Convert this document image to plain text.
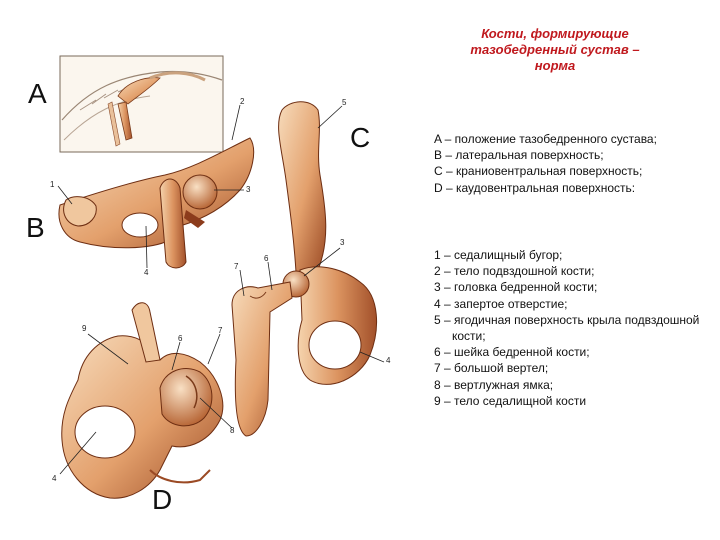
A
B
C
D
1
2
3
4
5
3
7
6
4
9
6
7
8
4
Кости, формирующие
тазобедренный сустав –
норма
A – положение тазобедренного сустава;
B – латеральная поверхность;
C – краниовентральная поверхность;
D – каудовентральная поверхность:
1 – седалищный бугор;
2 – тело подвздошной кости;
3 – головка бедренной кости;
4 – запертое отверстие;
5 – ягодичная поверхность крыла подвздошной кости;
6 – шейка бедренной кости;
7 – большой вертел;
8 – вертлужная ямка;
9 – тело седалищной кости
